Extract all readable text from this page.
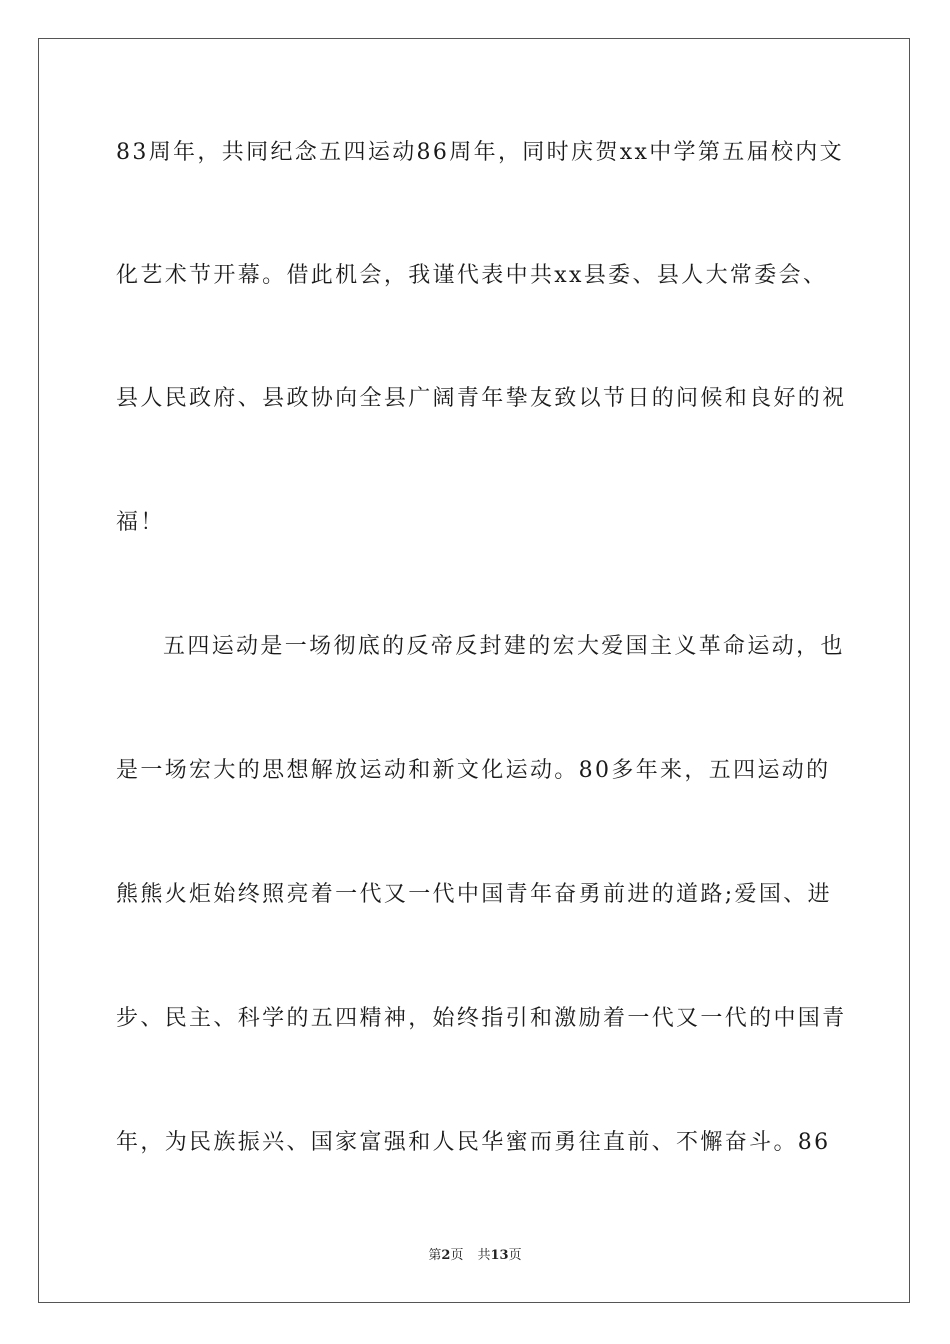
83周年，共同纪念五四运动86周年，同时庆贺xx中学第五届校内文
化艺术节开幕。借此机会，我谨代表中共xx县委、县人大常委会、
县人民政府、县政协向全县广阔青年挚友致以节日的问候和良好的祝
福！
五四运动是一场彻底的反帝反封建的宏大爱国主义革命运动，也
是一场宏大的思想解放运动和新文化运动。80多年来，五四运动的
熊熊火炬始终照亮着一代又一代中国青年奋勇前进的道路;爱国、进
步、民主、科学的五四精神，始终指引和激励着一代又一代的中国青
年，为民族振兴、国家富强和人民华蜜而勇往直前、不懈奋斗。86
第2页 共13页
